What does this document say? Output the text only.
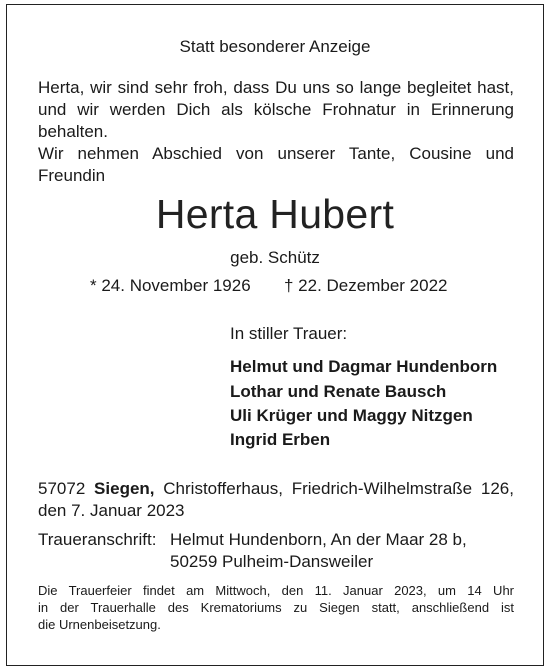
Statt besonderer Anzeige
Herta, wir sind sehr froh, dass Du uns so lange begleitet hast,
und wir werden Dich als kölsche Frohnatur in Erinnerung
behalten.
Wir nehmen Abschied von unserer Tante, Cousine und
Freundin
Herta Hubert
geb. Schütz
* 24. November 1926 † 22. Dezember 2022
In stiller Trauer:
Helmut und Dagmar Hundenborn
Lothar und Renate Bausch
Uli Krüger und Maggy Nitzgen
Ingrid Erben
57072 Siegen, Christofferhaus, Friedrich-Wilhelmstraße 126,
den 7. Januar 2023
Traueranschrift: Helmut Hundenborn, An der Maar 28 b,
50259 Pulheim-Dansweiler
Die Trauerfeier findet am Mittwoch, den 11. Januar 2023, um 14 Uhr
in der Trauerhalle des Krematoriums zu Siegen statt, anschließend ist
die Urnenbeisetzung.
